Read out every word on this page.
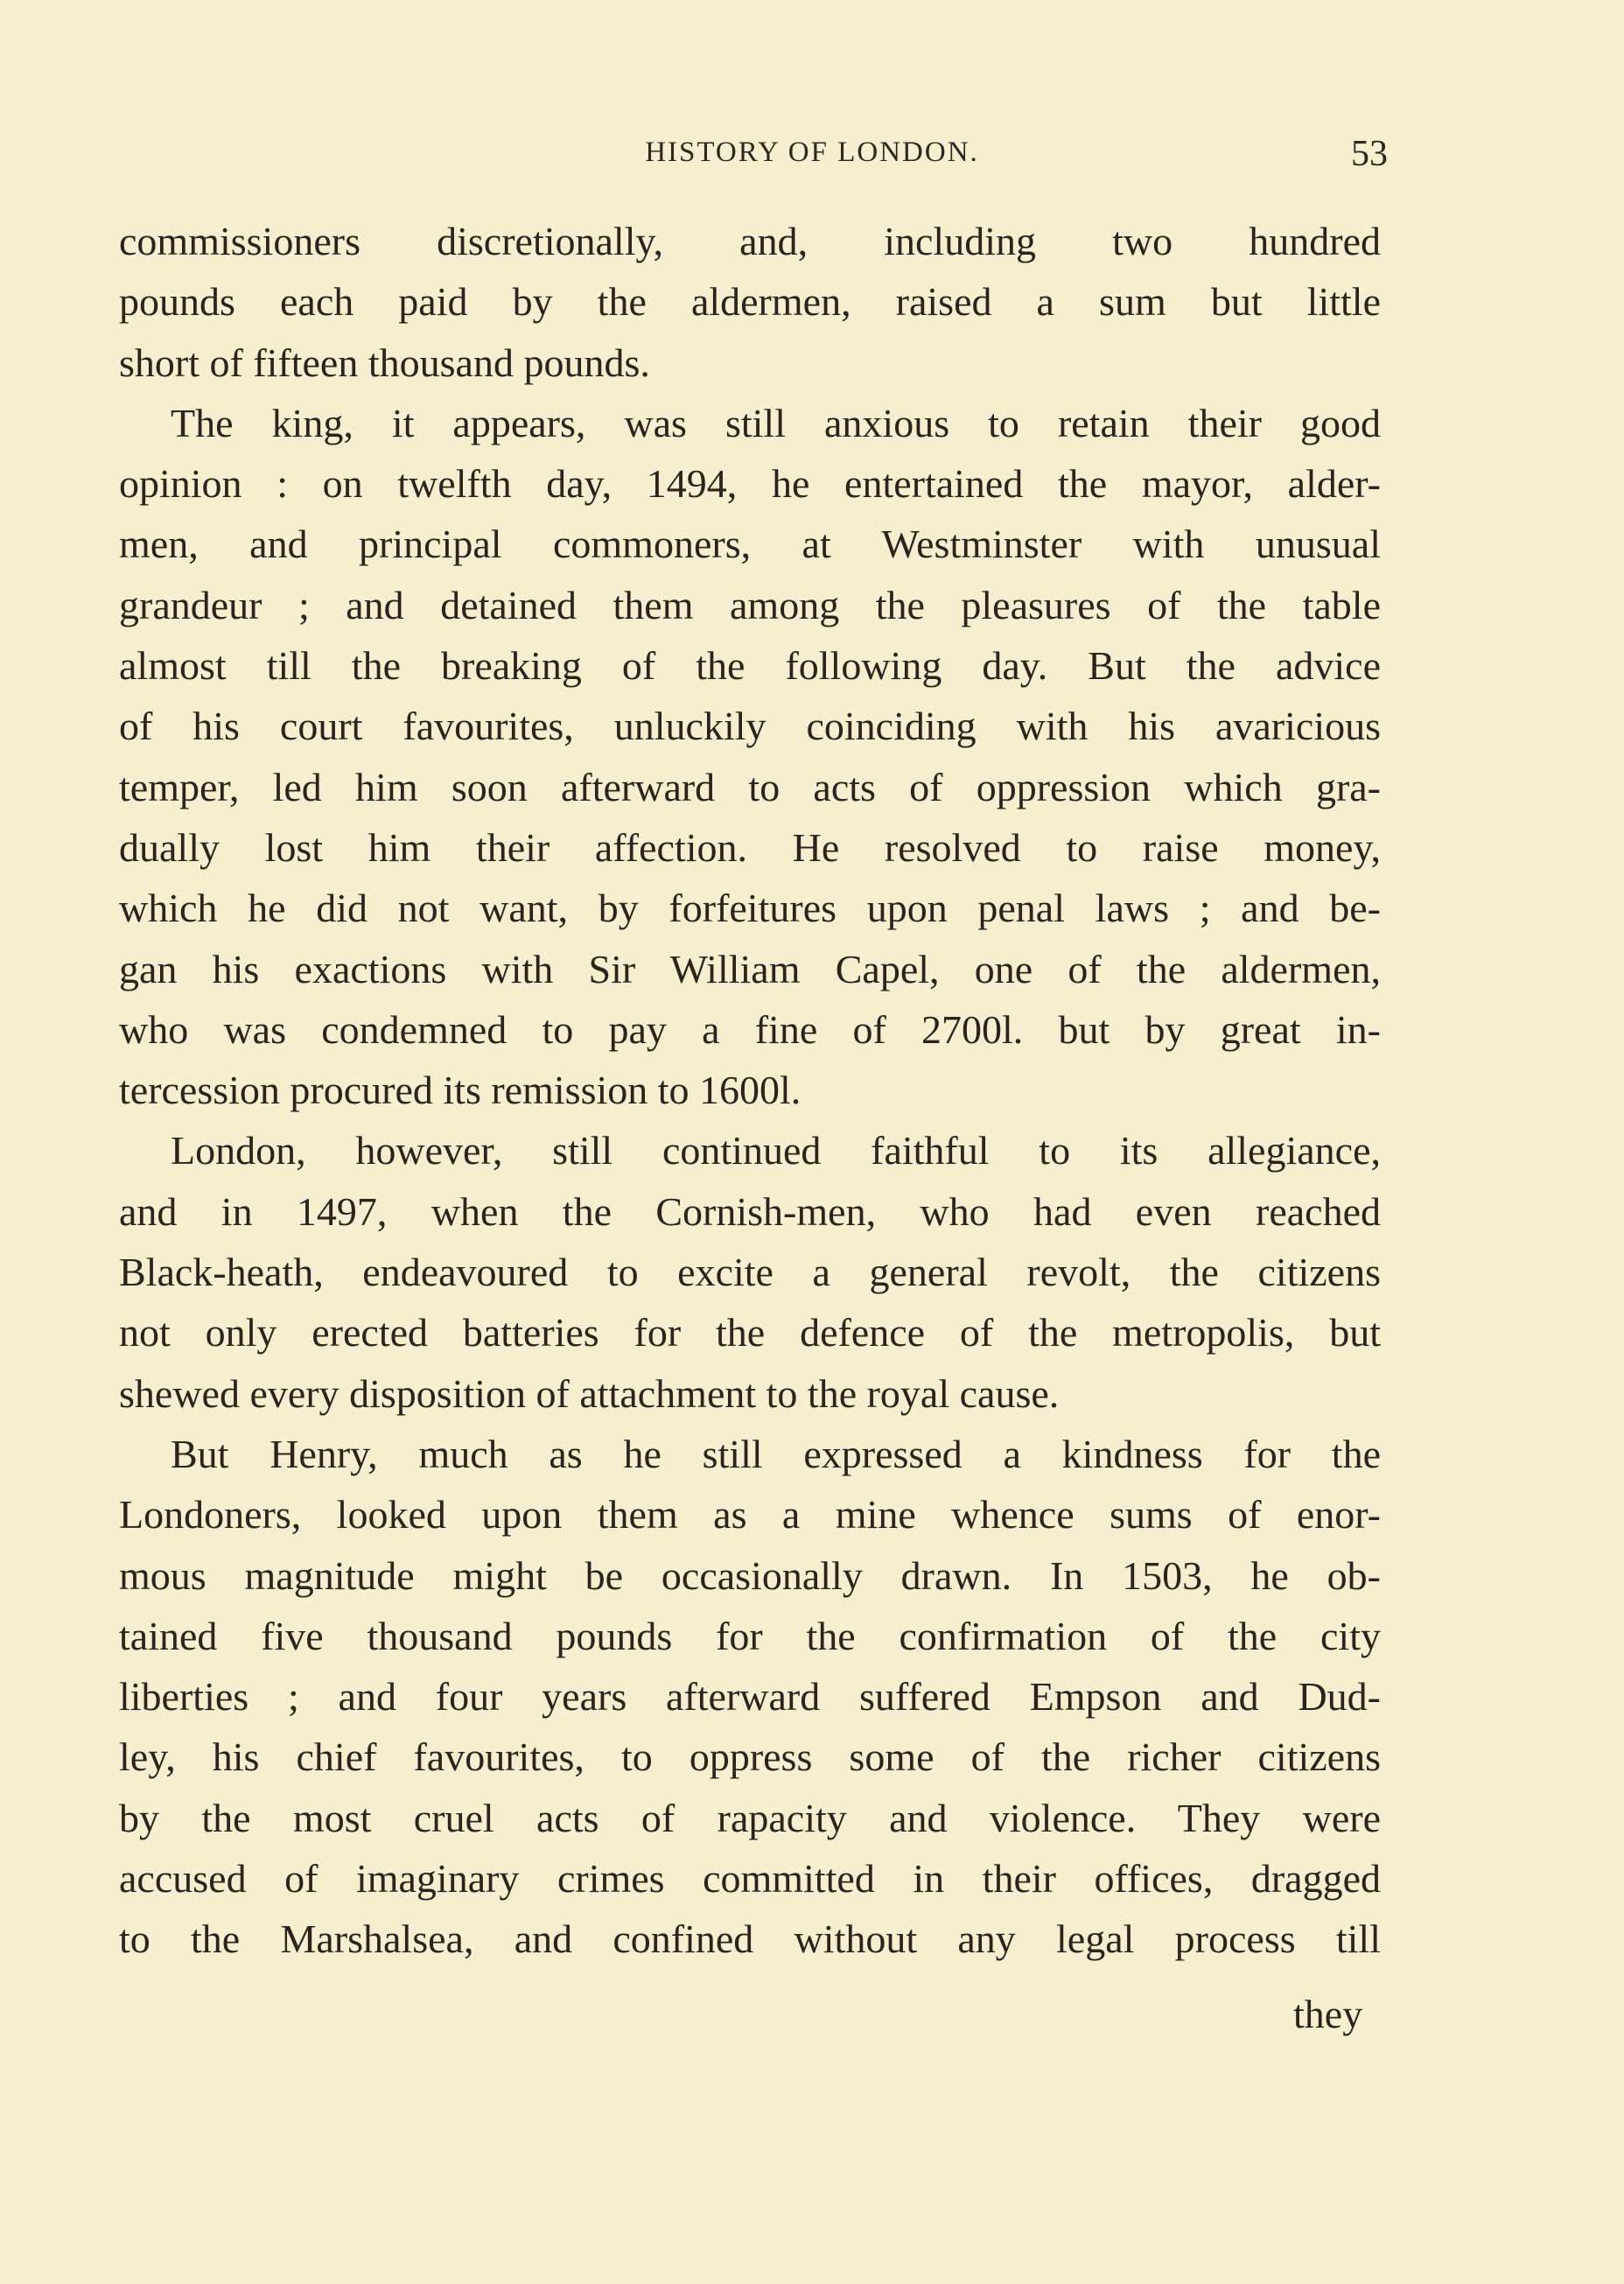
HISTORY OF LONDON.	53
commissioners discretionally, and, including two hundred
pounds each paid by the aldermen, raised a sum but little
short of fifteen thousand pounds.
The king, it appears, was still anxious to retain their good
opinion : on twelfth day, 1494, he entertained the mayor, alder-
men, and principal commoners, at Westminster with unusual
grandeur ; and detained them among the pleasures of the table
almost till the breaking of the following day. But the advice
of his court favourites, unluckily coinciding with his avaricious
temper, led him soon afterward to acts of oppression which gra-
dually lost him their affection. He resolved to raise money,
which he did not want, by forfeitures upon penal laws ; and be-
gan his exactions with Sir William Capel, one of the aldermen,
who was condemned to pay a fine of 2700l. but by great in-
tercession procured its remission to 1600l.
London, however, still continued faithful to its allegiance,
and in 1497, when the Cornish-men, who had even reached
Black-heath, endeavoured to excite a general revolt, the citizens
not only erected batteries for the defence of the metropolis, but
shewed every disposition of attachment to the royal cause.
But Henry, much as he still expressed a kindness for the
Londoners, looked upon them as a mine whence sums of enor-
mous magnitude might be occasionally drawn. In 1503, he ob-
tained five thousand pounds for the confirmation of the city
liberties ; and four years afterward suffered Empson and Dud-
ley, his chief favourites, to oppress some of the richer citizens
by the most cruel acts of rapacity and violence. They were
accused of imaginary crimes committed in their offices, dragged
to the Marshalsea, and confined without any legal process till
they
